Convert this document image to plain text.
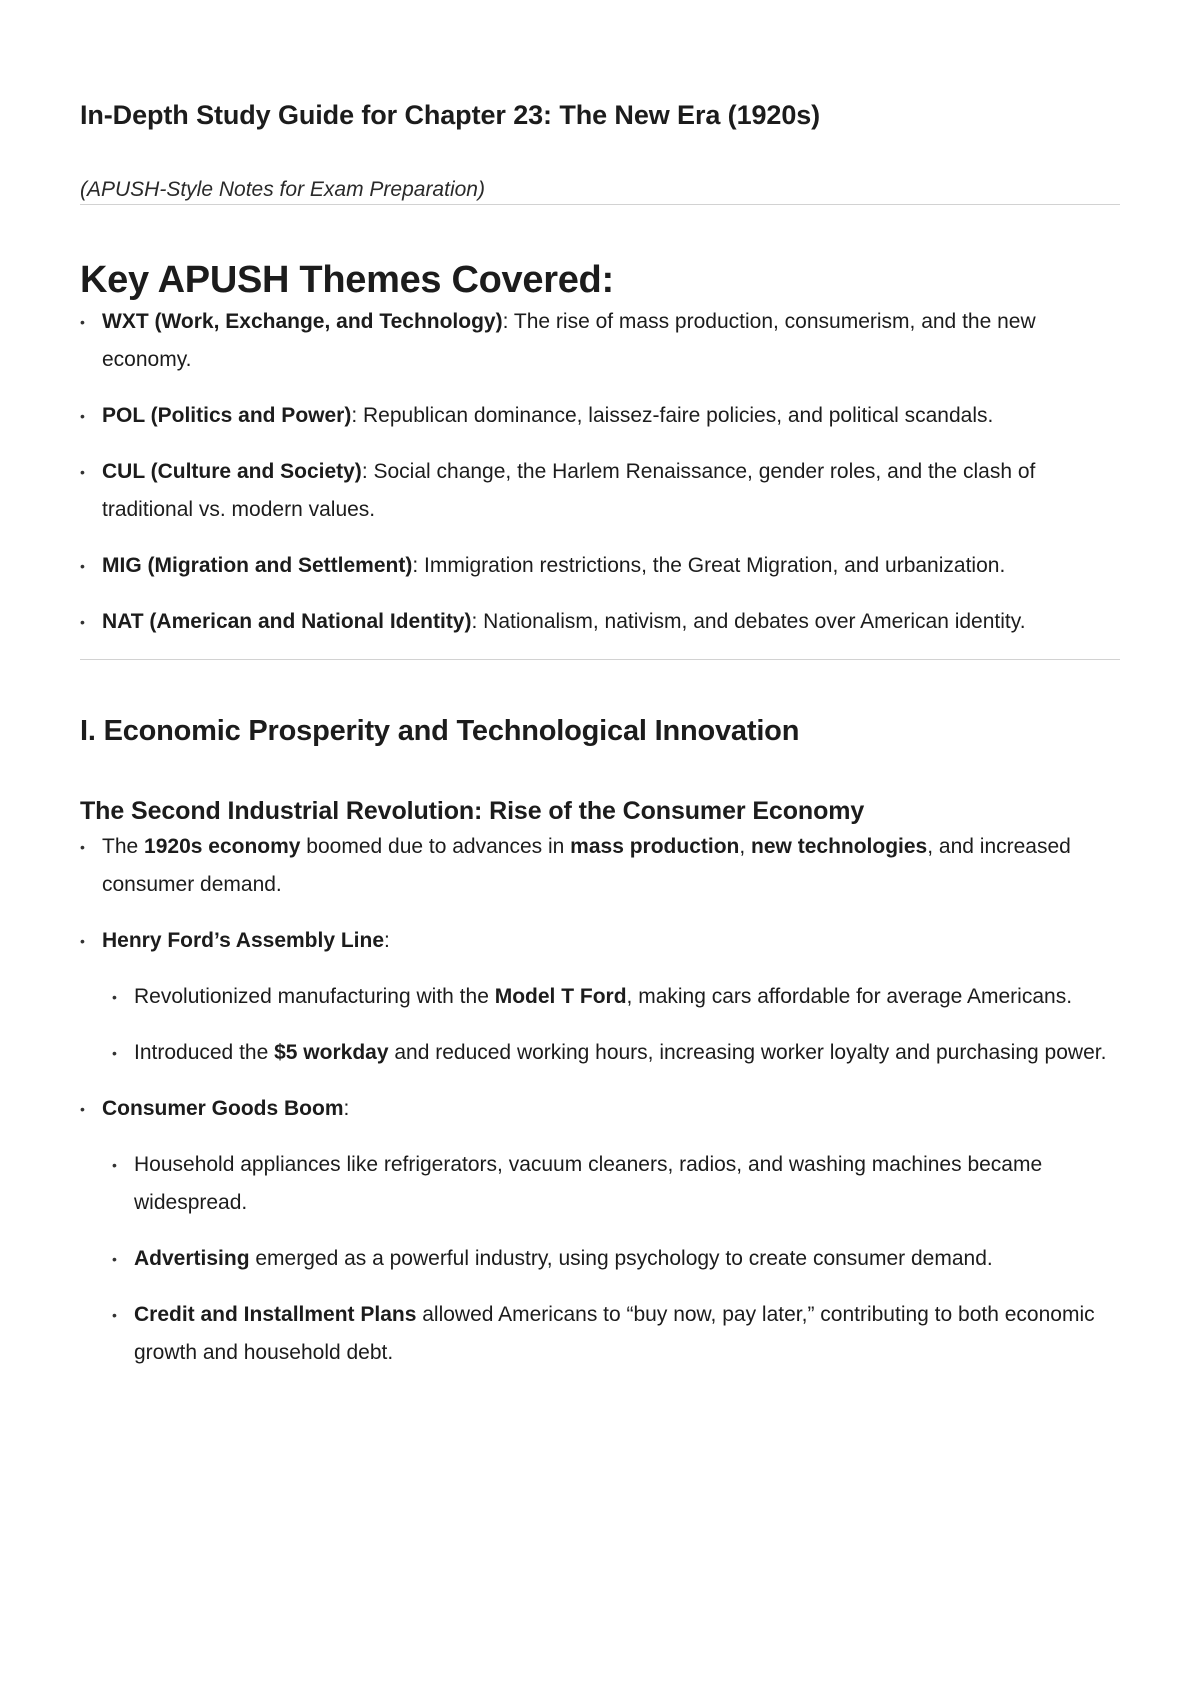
In-Depth Study Guide for Chapter 23: The New Era (1920s)

(APUSH-Style Notes for Exam Preparation)

Key APUSH Themes Covered:
• WXT (Work, Exchange, and Technology): The rise of mass production, consumerism, and the new economy.
• POL (Politics and Power): Republican dominance, laissez-faire policies, and political scandals.
• CUL (Culture and Society): Social change, the Harlem Renaissance, gender roles, and the clash of traditional vs. modern values.
• MIG (Migration and Settlement): Immigration restrictions, the Great Migration, and urbanization.
• NAT (American and National Identity): Nationalism, nativism, and debates over American identity.
I. Economic Prosperity and Technological Innovation
The Second Industrial Revolution: Rise of the Consumer Economy
• The 1920s economy boomed due to advances in mass production, new technologies, and increased consumer demand.
• Henry Ford’s Assembly Line:
• Revolutionized manufacturing with the Model T Ford, making cars affordable for average Americans.
• Introduced the $5 workday and reduced working hours, increasing worker loyalty and purchasing power.
• Consumer Goods Boom:
• Household appliances like refrigerators, vacuum cleaners, radios, and washing machines became widespread.
• Advertising emerged as a powerful industry, using psychology to create consumer demand.
• Credit and Installment Plans allowed Americans to “buy now, pay later,” contributing to both economic growth and household debt.
